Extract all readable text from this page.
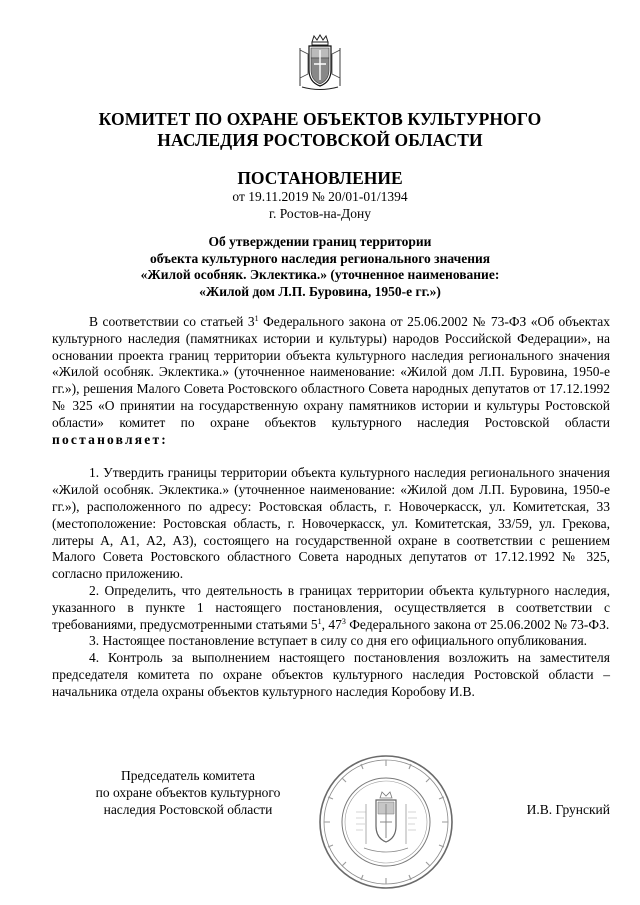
КОМИТЕТ ПО ОХРАНЕ ОБЪЕКТОВ КУЛЬТУРНОГО
НАСЛЕДИЯ РОСТОВСКОЙ ОБЛАСТИ
ПОСТАНОВЛЕНИЕ
от 19.11.2019 № 20/01-01/1394
г. Ростов-на-Дону
Об утверждении границ территории
объекта культурного наследия регионального значения
«Жилой особняк. Эклектика.» (уточненное наименование:
«Жилой дом Л.П. Буровина, 1950-е гг.»)

В соответствии со статьей $3^1$ Федерального закона от 25.06.2002 № 73-ФЗ «Об объектах культурного наследия (памятниках истории и культуры) народов Российской Федерации», на основании проекта границ территории объекта культурного наследия регионального значения «Жилой особняк. Эклектика.» (уточненное наименование: «Жилой дом Л.П. Буровина, 1950-е гг.»), решения Малого Совета Ростовского областного Совета народных депутатов от 17.12.1992 № 325 «О принятии на государственную охрану памятников истории и культуры Ростовской области» комитет по охране объектов культурного наследия Ростовской области постановляет:

1. Утвердить границы территории объекта культурного наследия регионального значения «Жилой особняк. Эклектика.» (уточненное наименование: «Жилой дом Л.П. Буровина, 1950-е гг.»), расположенного по адресу: Ростовская область, г. Новочеркасск, ул. Комитетская, 33 (местоположение: Ростовская область, г. Новочеркасск, ул. Комитетская, 33/59, ул. Грекова, литеры А, А1, А2, А3), состоящего на государственной охране в соответствии с решением Малого Совета Ростовского областного Совета народных депутатов от 17.12.1992 № 325, согласно приложению.

2. Определить, что деятельность в границах территории объекта культурного наследия, указанного в пункте 1 настоящего постановления, осуществляется в соответствии с требованиями, предусмотренными статьями $5^1$, $47^3$ Федерального закона от 25.06.2002 № 73-ФЗ.

3. Настоящее постановление вступает в силу со дня его официального опубликования.

4. Контроль за выполнением настоящего постановления возложить на заместителя председателя комитета по охране объектов культурного наследия Ростовской области – начальника отдела охраны объектов культурного наследия Коробову И.В.

Председатель комитета
по охране объектов культурного
наследия Ростовской области	И.В. Грунский
